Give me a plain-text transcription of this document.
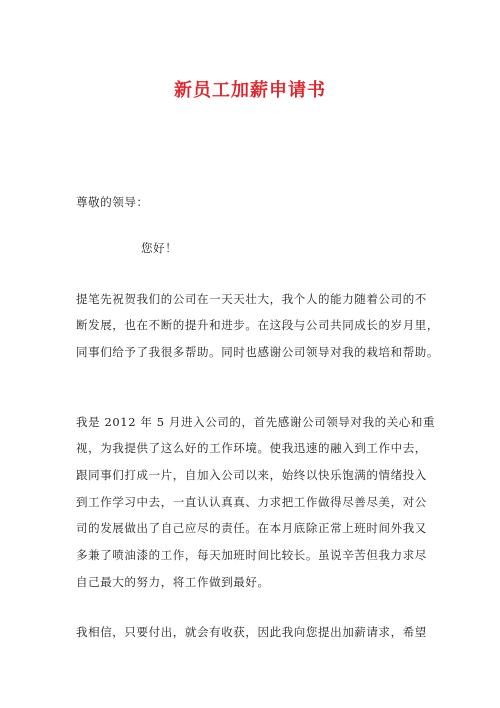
新员工加薪申请书
尊敬的领导：
您好！
提笔先祝贺我们的公司在一天天壮大，我个人的能力随着公司的不
断发展，也在不断的提升和进步。在这段与公司共同成长的岁月里，
同事们给予了我很多帮助。同时也感谢公司领导对我的栽培和帮助。
我是 2012 年 5 月进入公司的，首先感谢公司领导对我的关心和重
视，为我提供了这么好的工作环境。使我迅速的融入到工作中去，
跟同事们打成一片，自加入公司以来，始终以快乐饱满的情绪投入
到工作学习中去，一直认认真真、力求把工作做得尽善尽美，对公
司的发展做出了自己应尽的责任。在本月底除正常上班时间外我又
多兼了喷油漆的工作，每天加班时间比较长。虽说辛苦但我力求尽
自己最大的努力，将工作做到最好。
我相信，只要付出，就会有收获，因此我向您提出加薪请求，希望
